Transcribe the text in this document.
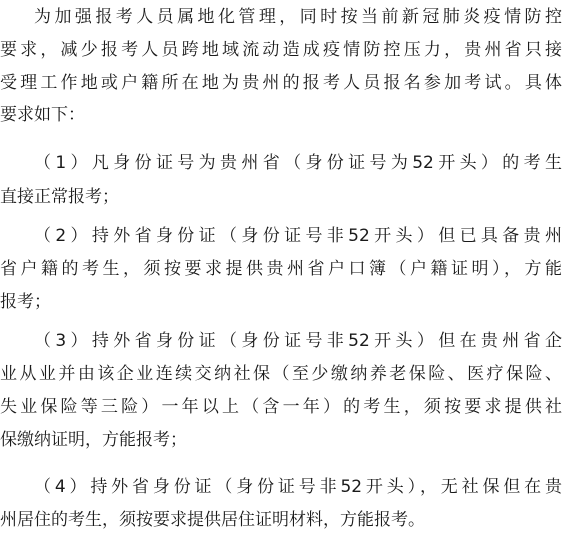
为加强报考人员属地化管理，同时按当前新冠肺炎疫情防控
要求，减少报考人员跨地域流动造成疫情防控压力，贵州省只接
受理工作地或户籍所在地为贵州的报考人员报名参加考试。具体
要求如下：
（1）凡身份证号为贵州省（身份证号为52开头）的考生
直接正常报考；
（2）持外省身份证（身份证号非52开头）但已具备贵州
省户籍的考生，须按要求提供贵州省户口簿（户籍证明），方能
报考；
（3）持外省身份证（身份证号非52开头）但在贵州省企
业从业并由该企业连续交纳社保（至少缴纳养老保险、医疗保险、
失业保险等三险）一年以上（含一年）的考生，须按要求提供社
保缴纳证明，方能报考；
（4）持外省身份证（身份证号非52开头），无社保但在贵
州居住的考生，须按要求提供居住证明材料，方能报考。
